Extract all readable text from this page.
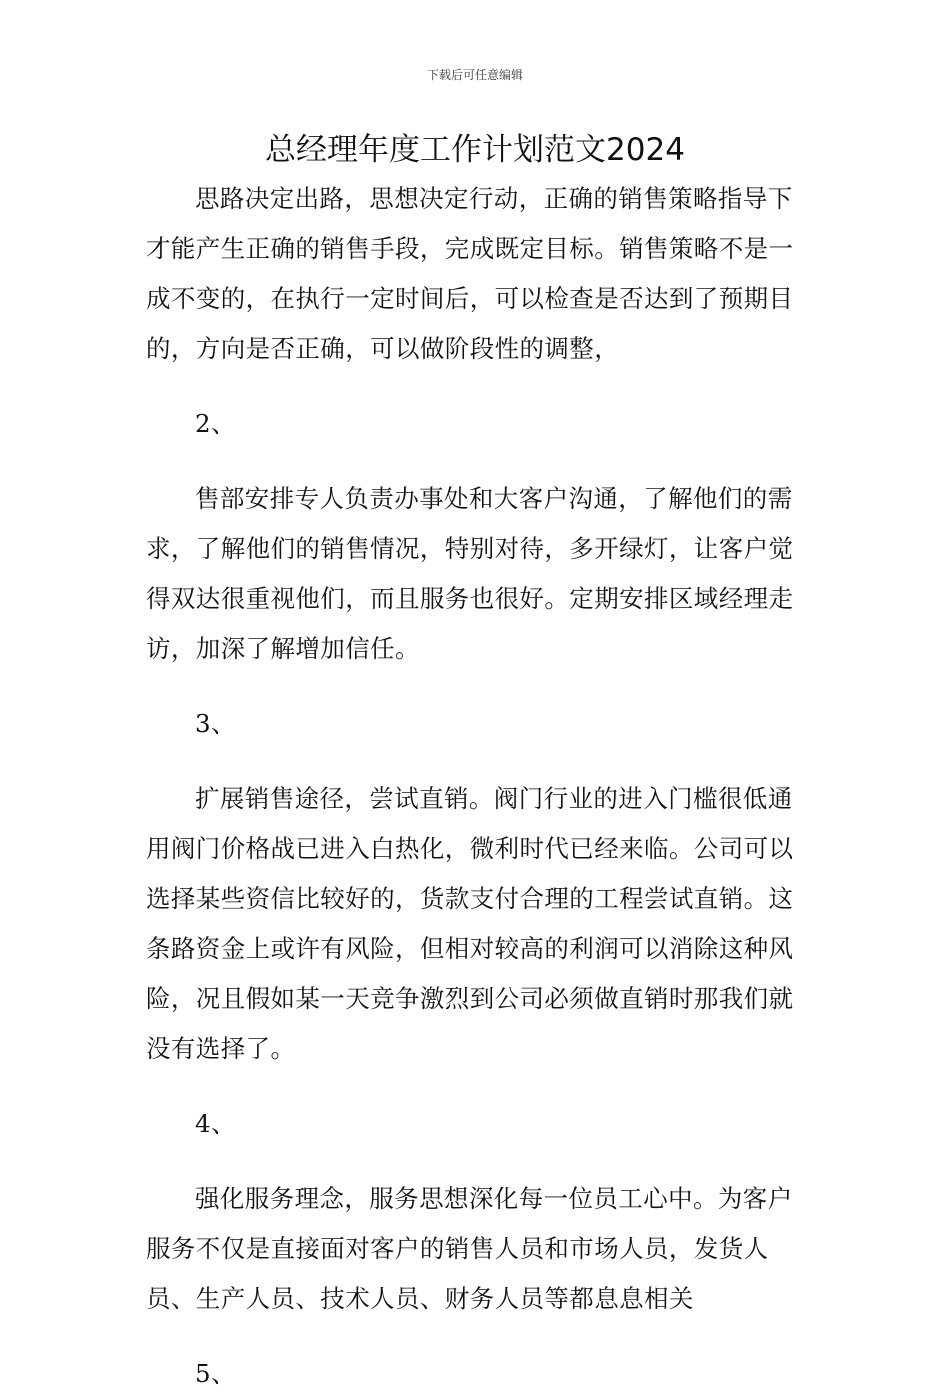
下载后可任意编辑
总经理年度工作计划范文2024

思路决定出路，思想决定行动，正确的销售策略指导下才能产生正确的销售手段，完成既定目标。销售策略不是一成不变的，在执行一定时间后，可以检查是否达到了预期目的，方向是否正确，可以做阶段性的调整，

2、

售部安排专人负责办事处和大客户沟通，了解他们的需求，了解他们的销售情况，特别对待，多开绿灯，让客户觉得双达很重视他们，而且服务也很好。定期安排区域经理走访，加深了解增加信任。

3、

扩展销售途径，尝试直销。阀门行业的进入门槛很低通用阀门价格战已进入白热化，微利时代已经来临。公司可以选择某些资信比较好的，货款支付合理的工程尝试直销。这条路资金上或许有风险，但相对较高的利润可以消除这种风险，况且假如某一天竞争激烈到公司必须做直销时那我们就没有选择了。

4、

强化服务理念，服务思想深化每一位员工心中。为客户服务不仅是直接面对客户的销售人员和市场人员，发货人员、生产人员、技术人员、财务人员等都息息相关

5、
